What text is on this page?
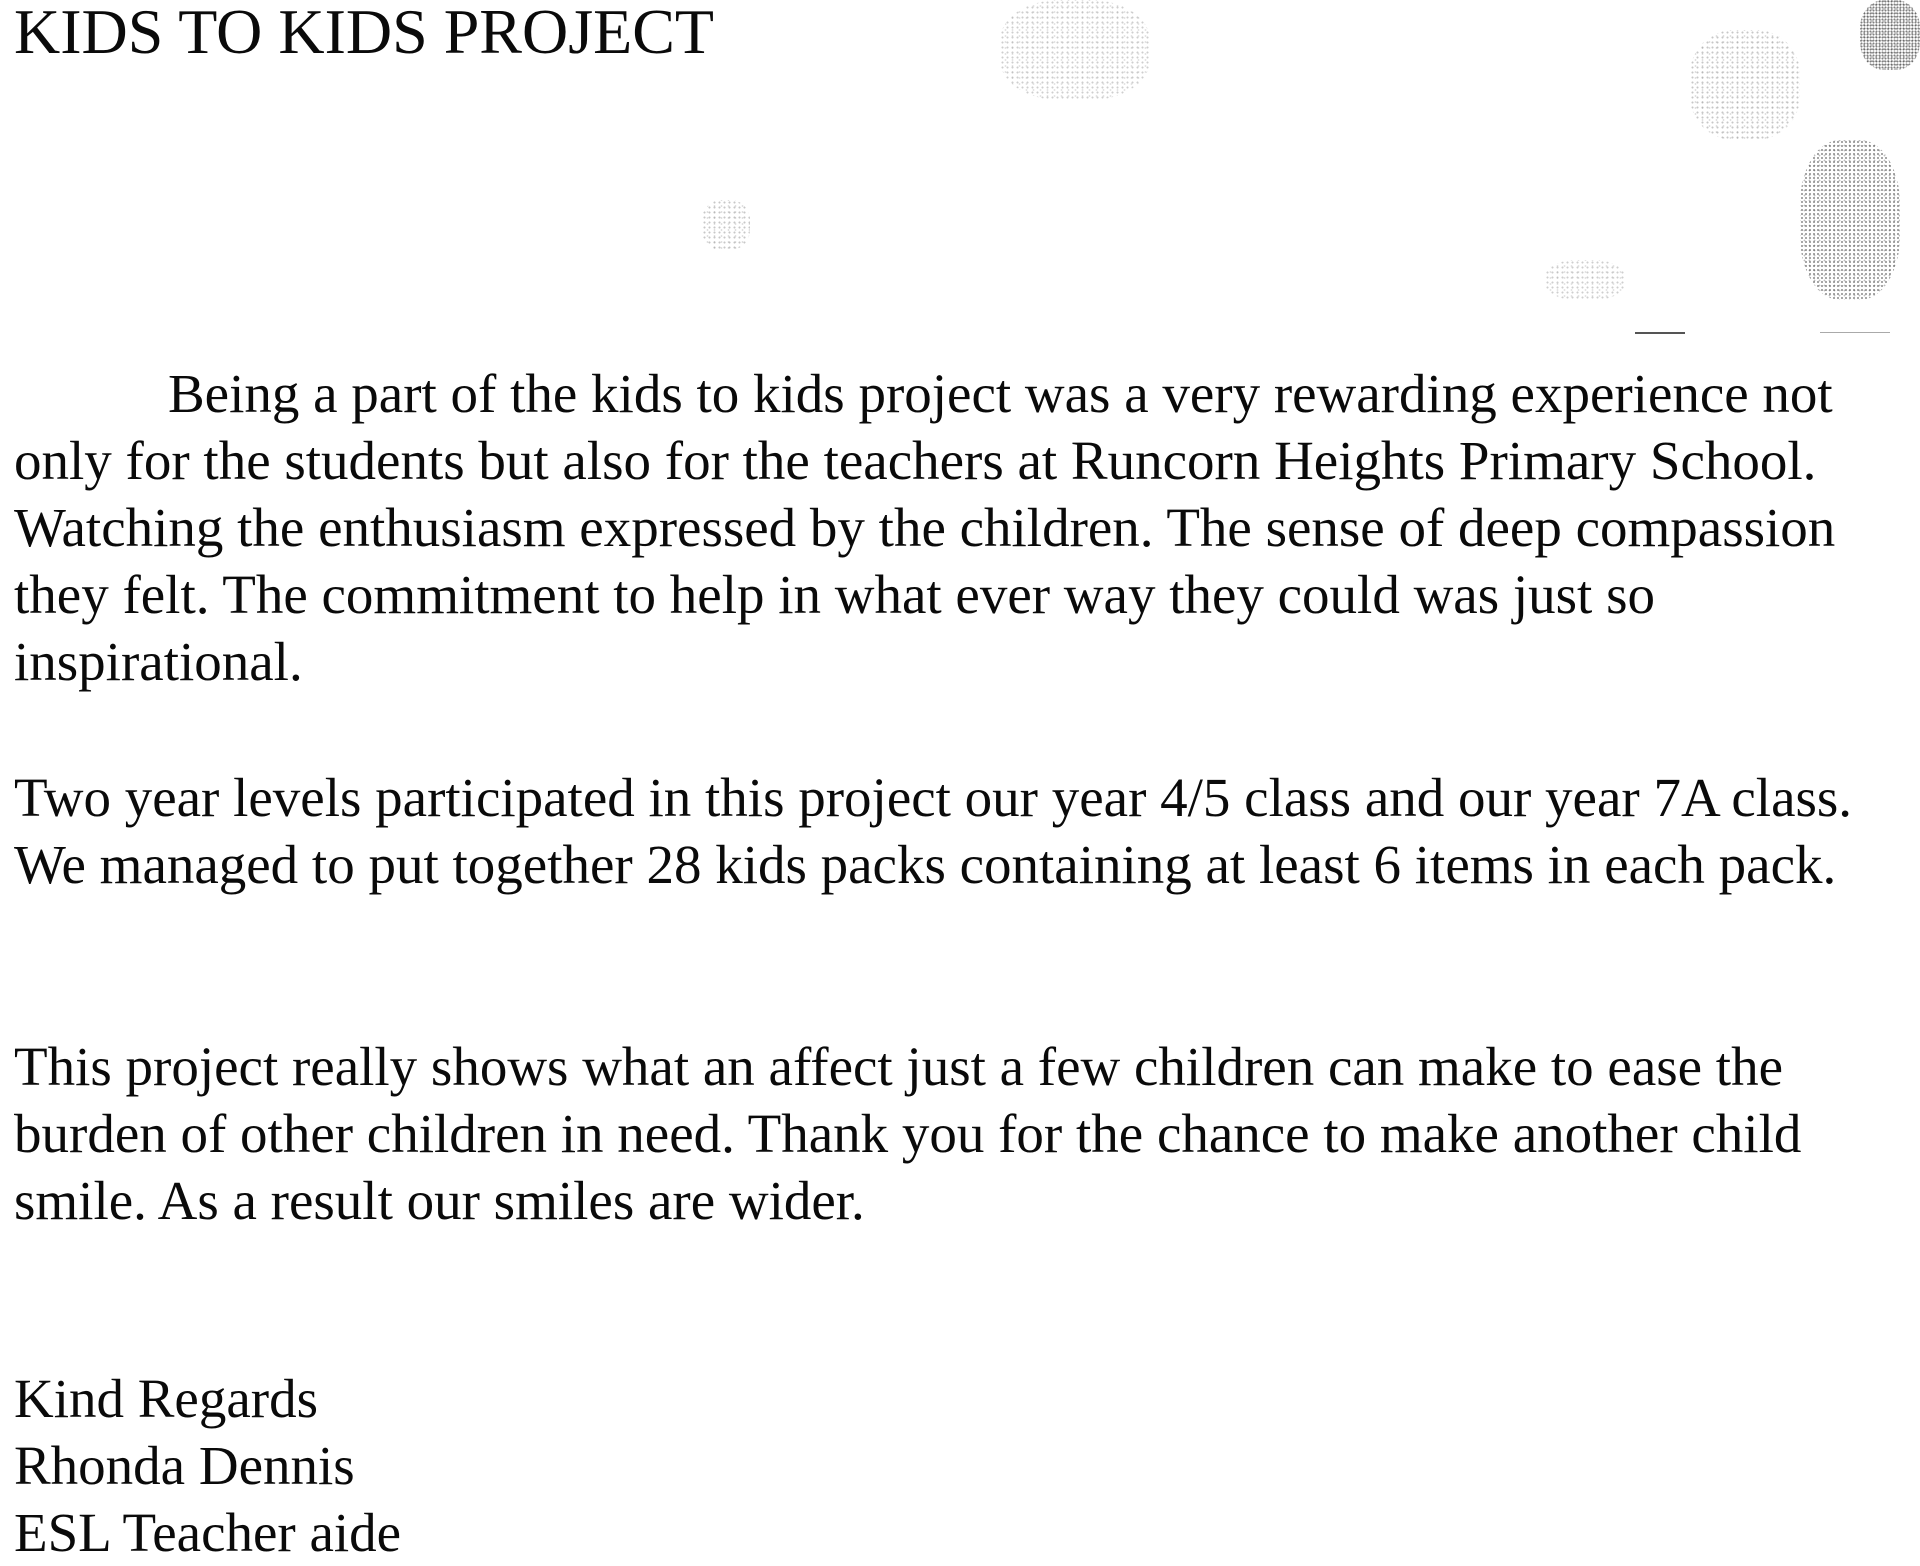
KIDS TO KIDS PROJECT

Being a part of the kids to kids project was a very rewarding experience not only for the students but also for the teachers at Runcorn Heights Primary School. Watching the enthusiasm expressed by the children. The sense of deep compassion they felt. The commitment to help in what ever way they could was just so inspirational.

Two year levels participated in this project our year 4/5 class and our year 7A class. We managed to put together 28 kids packs containing at least 6 items in each pack.

This project really shows what an affect just a few children can make to ease the burden of other children in need. Thank you for the chance to make another child smile. As a result our smiles are wider.

Kind Regards
Rhonda Dennis
ESL Teacher aide
